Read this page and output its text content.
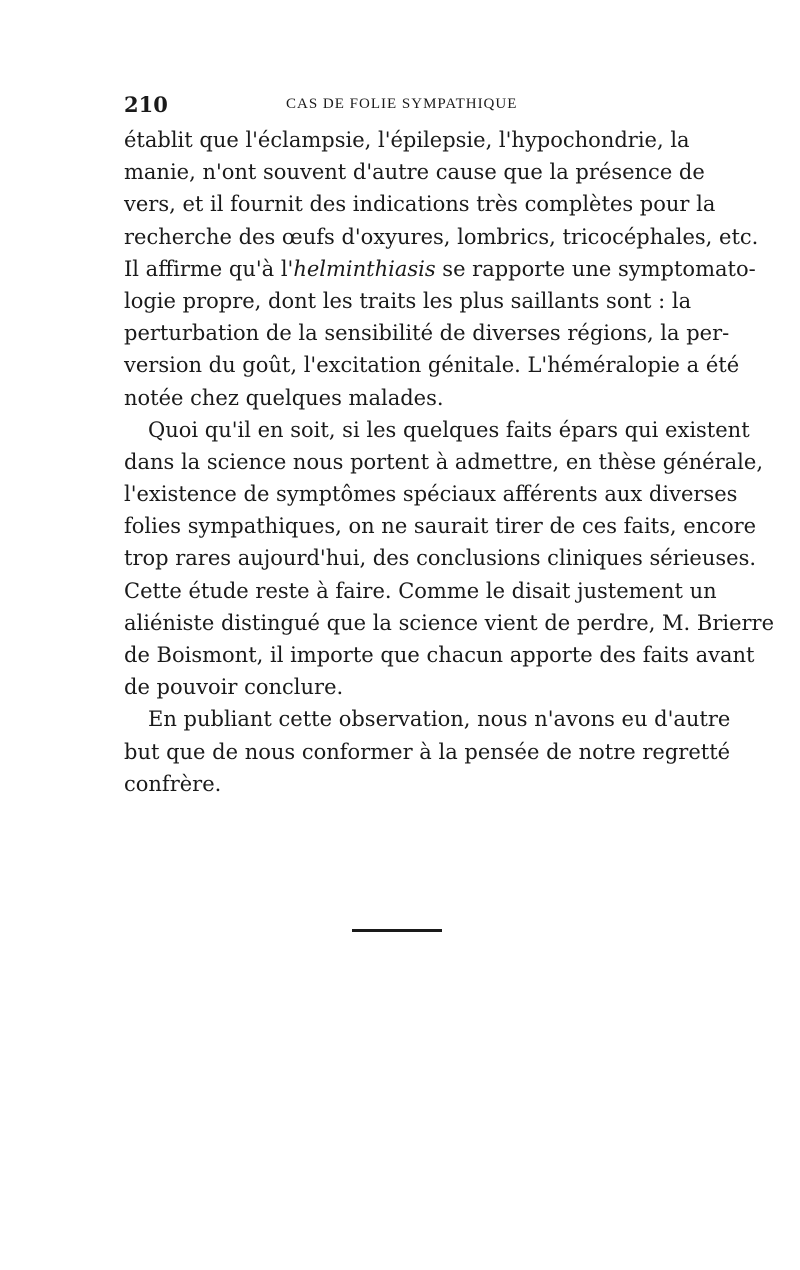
210	CAS DE FOLIE SYMPATHIQUE
établit que l'éclampsie, l'épilepsie, l'hypochondrie, la
manie, n'ont souvent d'autre cause que la présence de
vers, et il fournit des indications très complètes pour la
recherche des œufs d'oxyures, lombrics, tricocéphales, etc.
Il affirme qu'à l'helminthiasis se rapporte une symptomato-
logie propre, dont les traits les plus saillants sont : la
perturbation de la sensibilité de diverses régions, la per-
version du goût, l'excitation génitale. L'héméralopie a été
notée chez quelques malades.
Quoi qu'il en soit, si les quelques faits épars qui existent
dans la science nous portent à admettre, en thèse générale,
l'existence de symptômes spéciaux afférents aux diverses
folies sympathiques, on ne saurait tirer de ces faits, encore
trop rares aujourd'hui, des conclusions cliniques sérieuses.
Cette étude reste à faire. Comme le disait justement un
aliéniste distingué que la science vient de perdre, M. Brierre
de Boismont, il importe que chacun apporte des faits avant
de pouvoir conclure.
En publiant cette observation, nous n'avons eu d'autre
but que de nous conformer à la pensée de notre regretté
confrère.
